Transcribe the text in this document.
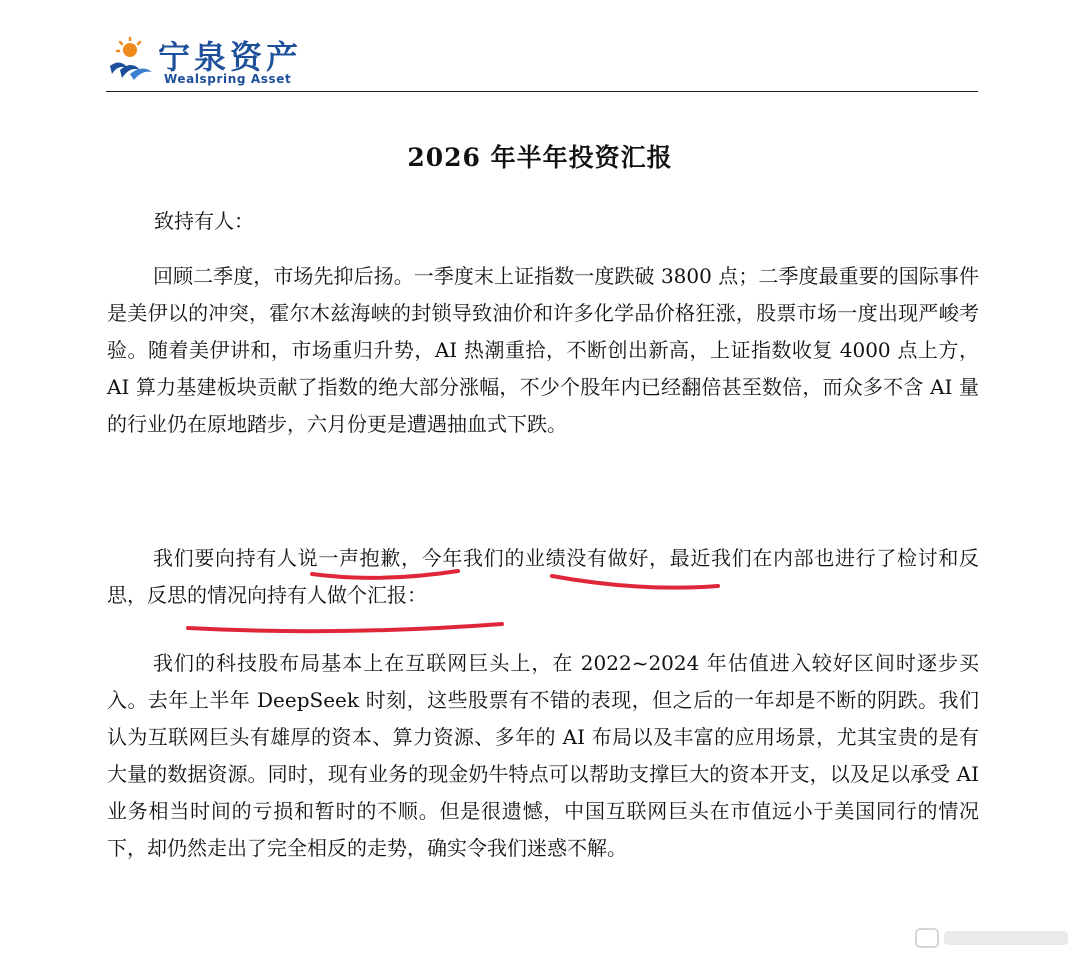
宁泉资产
Wealspring Asset
2026 年半年投资汇报
致持有人：

回顾二季度，市场先抑后扬。一季度末上证指数一度跌破 3800 点；二季度最重要的国际事件是美伊以的冲突，霍尔木兹海峡的封锁导致油价和许多化学品价格狂涨，股票市场一度出现严峻考验。随着美伊讲和，市场重归升势，AI 热潮重拾，不断创出新高，上证指数收复 4000 点上方，AI 算力基建板块贡献了指数的绝大部分涨幅，不少个股年内已经翻倍甚至数倍，而众多不含 AI 量的行业仍在原地踏步，六月份更是遭遇抽血式下跌。

我们要向持有人说一声抱歉，今年我们的业绩没有做好，最近我们在内部也进行了检讨和反思，反思的情况向持有人做个汇报：

我们的科技股布局基本上在互联网巨头上，在 2022~2024 年估值进入较好区间时逐步买入。去年上半年 DeepSeek 时刻，这些股票有不错的表现，但之后的一年却是不断的阴跌。我们认为互联网巨头有雄厚的资本、算力资源、多年的 AI 布局以及丰富的应用场景，尤其宝贵的是有大量的数据资源。同时，现有业务的现金奶牛特点可以帮助支撑巨大的资本开支，以及足以承受 AI 业务相当时间的亏损和暂时的不顺。但是很遗憾，中国互联网巨头在市值远小于美国同行的情况下，却仍然走出了完全相反的走势，确实令我们迷惑不解。
